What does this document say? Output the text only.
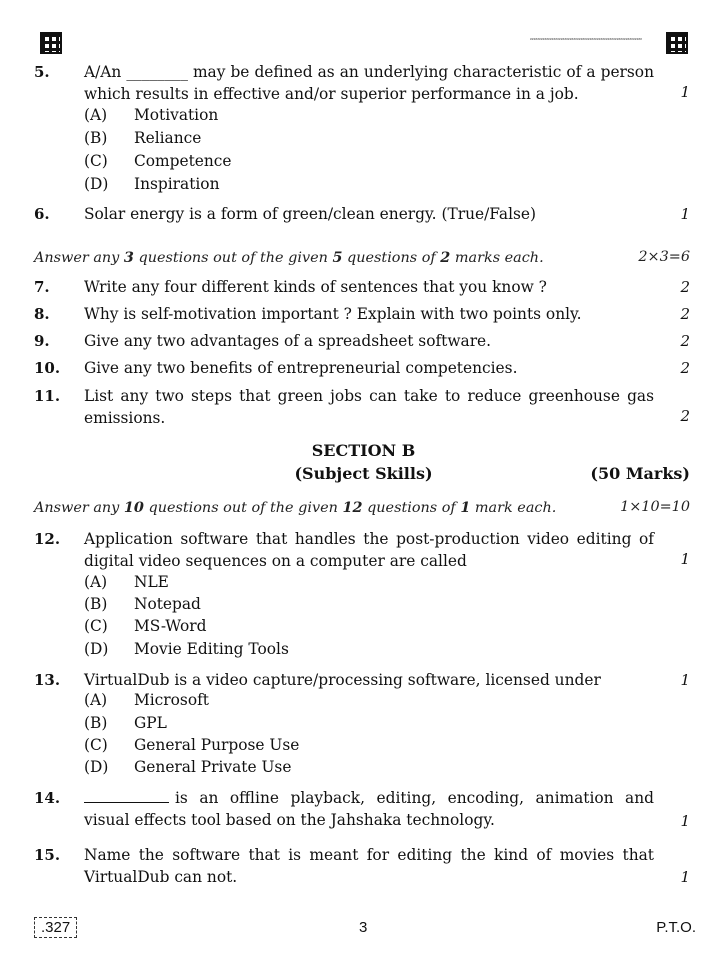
##############################################################
5. A/An ________ may be defined as an underlying characteristic of a person which results in effective and/or superior performance in a job.	1
(A) Motivation
(B) Reliance
(C) Competence
(D) Inspiration
6. Solar energy is a form of green/clean energy. (True/False)	1
Answer any 3 questions out of the given 5 questions of 2 marks each.	2×3=6
7. Write any four different kinds of sentences that you know ?	2
8. Why is self-motivation important ? Explain with two points only.	2
9. Give any two advantages of a spreadsheet software.	2
10. Give any two benefits of entrepreneurial competencies.	2
11. List any two steps that green jobs can take to reduce greenhouse gas emissions.	2
SECTION B
(Subject Skills)	(50 Marks)
Answer any 10 questions out of the given 12 questions of 1 mark each.	1×10=10
12. Application software that handles the post-production video editing of digital video sequences on a computer are called	1
(A) NLE
(B) Notepad
(C) MS-Word
(D) Movie Editing Tools
13. VirtualDub is a video capture/processing software, licensed under	1
(A) Microsoft
(B) GPL
(C) General Purpose Use
(D) General Private Use
14.	is an offline playback, editing, encoding, animation and visual effects tool based on the Jahshaka technology.	1
15. Name the software that is meant for editing the kind of movies that VirtualDub can not.	1
.327	3	P.T.O.
